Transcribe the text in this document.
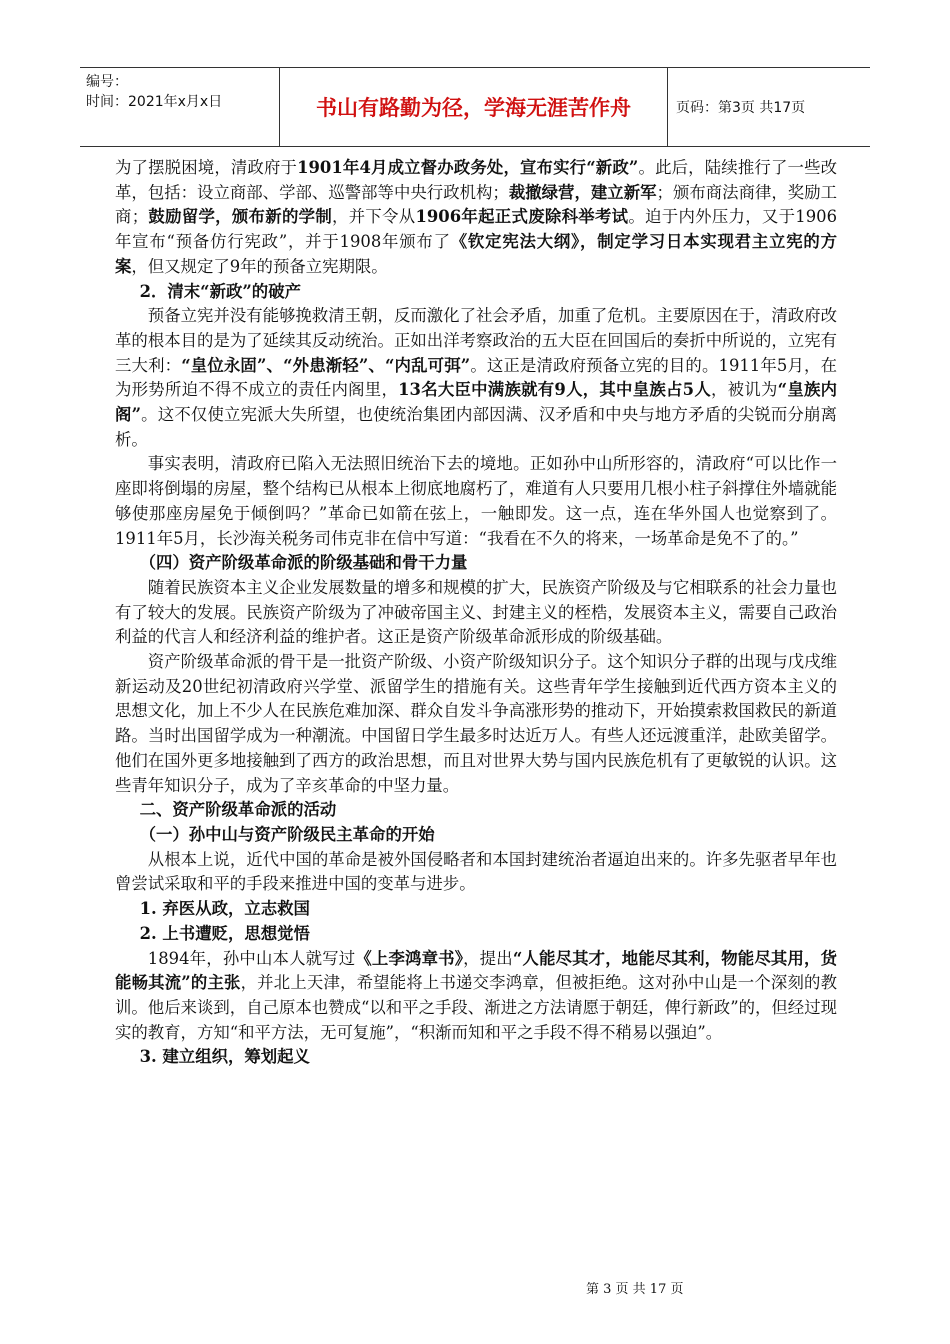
编号：
时间：2021年x月x日	书山有路勤为径，学海无涯苦作舟	页码：第3页 共17页

为了摆脱困境，清政府于1901年4月成立督办政务处，宣布实行“新政”。此后，陆续推行了一些改革，包括：设立商部、学部、巡警部等中央行政机构；裁撤绿营，建立新军；颁布商法商律，奖励工商；鼓励留学，颁布新的学制，并下令从1906年起正式废除科举考试。迫于内外压力，又于1906年宣布“预备仿行宪政”，并于1908年颁布了《钦定宪法大纲》，制定学习日本实现君主立宪的方案，但又规定了9年的预备立宪期限。

2．清末“新政”的破产

预备立宪并没有能够挽救清王朝，反而激化了社会矛盾，加重了危机。主要原因在于，清政府改革的根本目的是为了延续其反动统治。正如出洋考察政治的五大臣在回国后的奏折中所说的，立宪有三大利：“皇位永固”、“外患渐轻”、“内乱可弭”。这正是清政府预备立宪的目的。1911年5月，在为形势所迫不得不成立的责任内阁里，13名大臣中满族就有9人，其中皇族占5人，被讥为“皇族内阁”。这不仅使立宪派大失所望，也使统治集团内部因满、汉矛盾和中央与地方矛盾的尖锐而分崩离析。

事实表明，清政府已陷入无法照旧统治下去的境地。正如孙中山所形容的，清政府“可以比作一座即将倒塌的房屋，整个结构已从根本上彻底地腐朽了，难道有人只要用几根小柱子斜撑住外墙就能够使那座房屋免于倾倒吗？”革命已如箭在弦上，一触即发。这一点，连在华外国人也觉察到了。1911年5月，长沙海关税务司伟克非在信中写道：“我看在不久的将来，一场革命是免不了的。”

（四）资产阶级革命派的阶级基础和骨干力量

随着民族资本主义企业发展数量的增多和规模的扩大，民族资产阶级及与它相联系的社会力量也有了较大的发展。民族资产阶级为了冲破帝国主义、封建主义的桎梏，发展资本主义，需要自己政治利益的代言人和经济利益的维护者。这正是资产阶级革命派形成的阶级基础。

资产阶级革命派的骨干是一批资产阶级、小资产阶级知识分子。这个知识分子群的出现与戊戌维新运动及20世纪初清政府兴学堂、派留学生的措施有关。这些青年学生接触到近代西方资本主义的思想文化，加上不少人在民族危难加深、群众自发斗争高涨形势的推动下，开始摸索救国救民的新道路。当时出国留学成为一种潮流。中国留日学生最多时达近万人。有些人还远渡重洋，赴欧美留学。他们在国外更多地接触到了西方的政治思想，而且对世界大势与国内民族危机有了更敏锐的认识。这些青年知识分子，成为了辛亥革命的中坚力量。

二、资产阶级革命派的活动

（一）孙中山与资产阶级民主革命的开始

从根本上说，近代中国的革命是被外国侵略者和本国封建统治者逼迫出来的。许多先驱者早年也曾尝试采取和平的手段来推进中国的变革与进步。

1. 弃医从政，立志救国

2. 上书遭贬，思想觉悟

1894年，孙中山本人就写过《上李鸿章书》，提出“人能尽其才，地能尽其利，物能尽其用，货能畅其流”的主张，并北上天津，希望能将上书递交李鸿章，但被拒绝。这对孙中山是一个深刻的教训。他后来谈到，自己原本也赞成“以和平之手段、渐进之方法请愿于朝廷，俾行新政”的，但经过现实的教育，方知“和平方法，无可复施”，“积渐而知和平之手段不得不稍易以强迫”。

3. 建立组织，筹划起义

第 3 页 共 17 页
